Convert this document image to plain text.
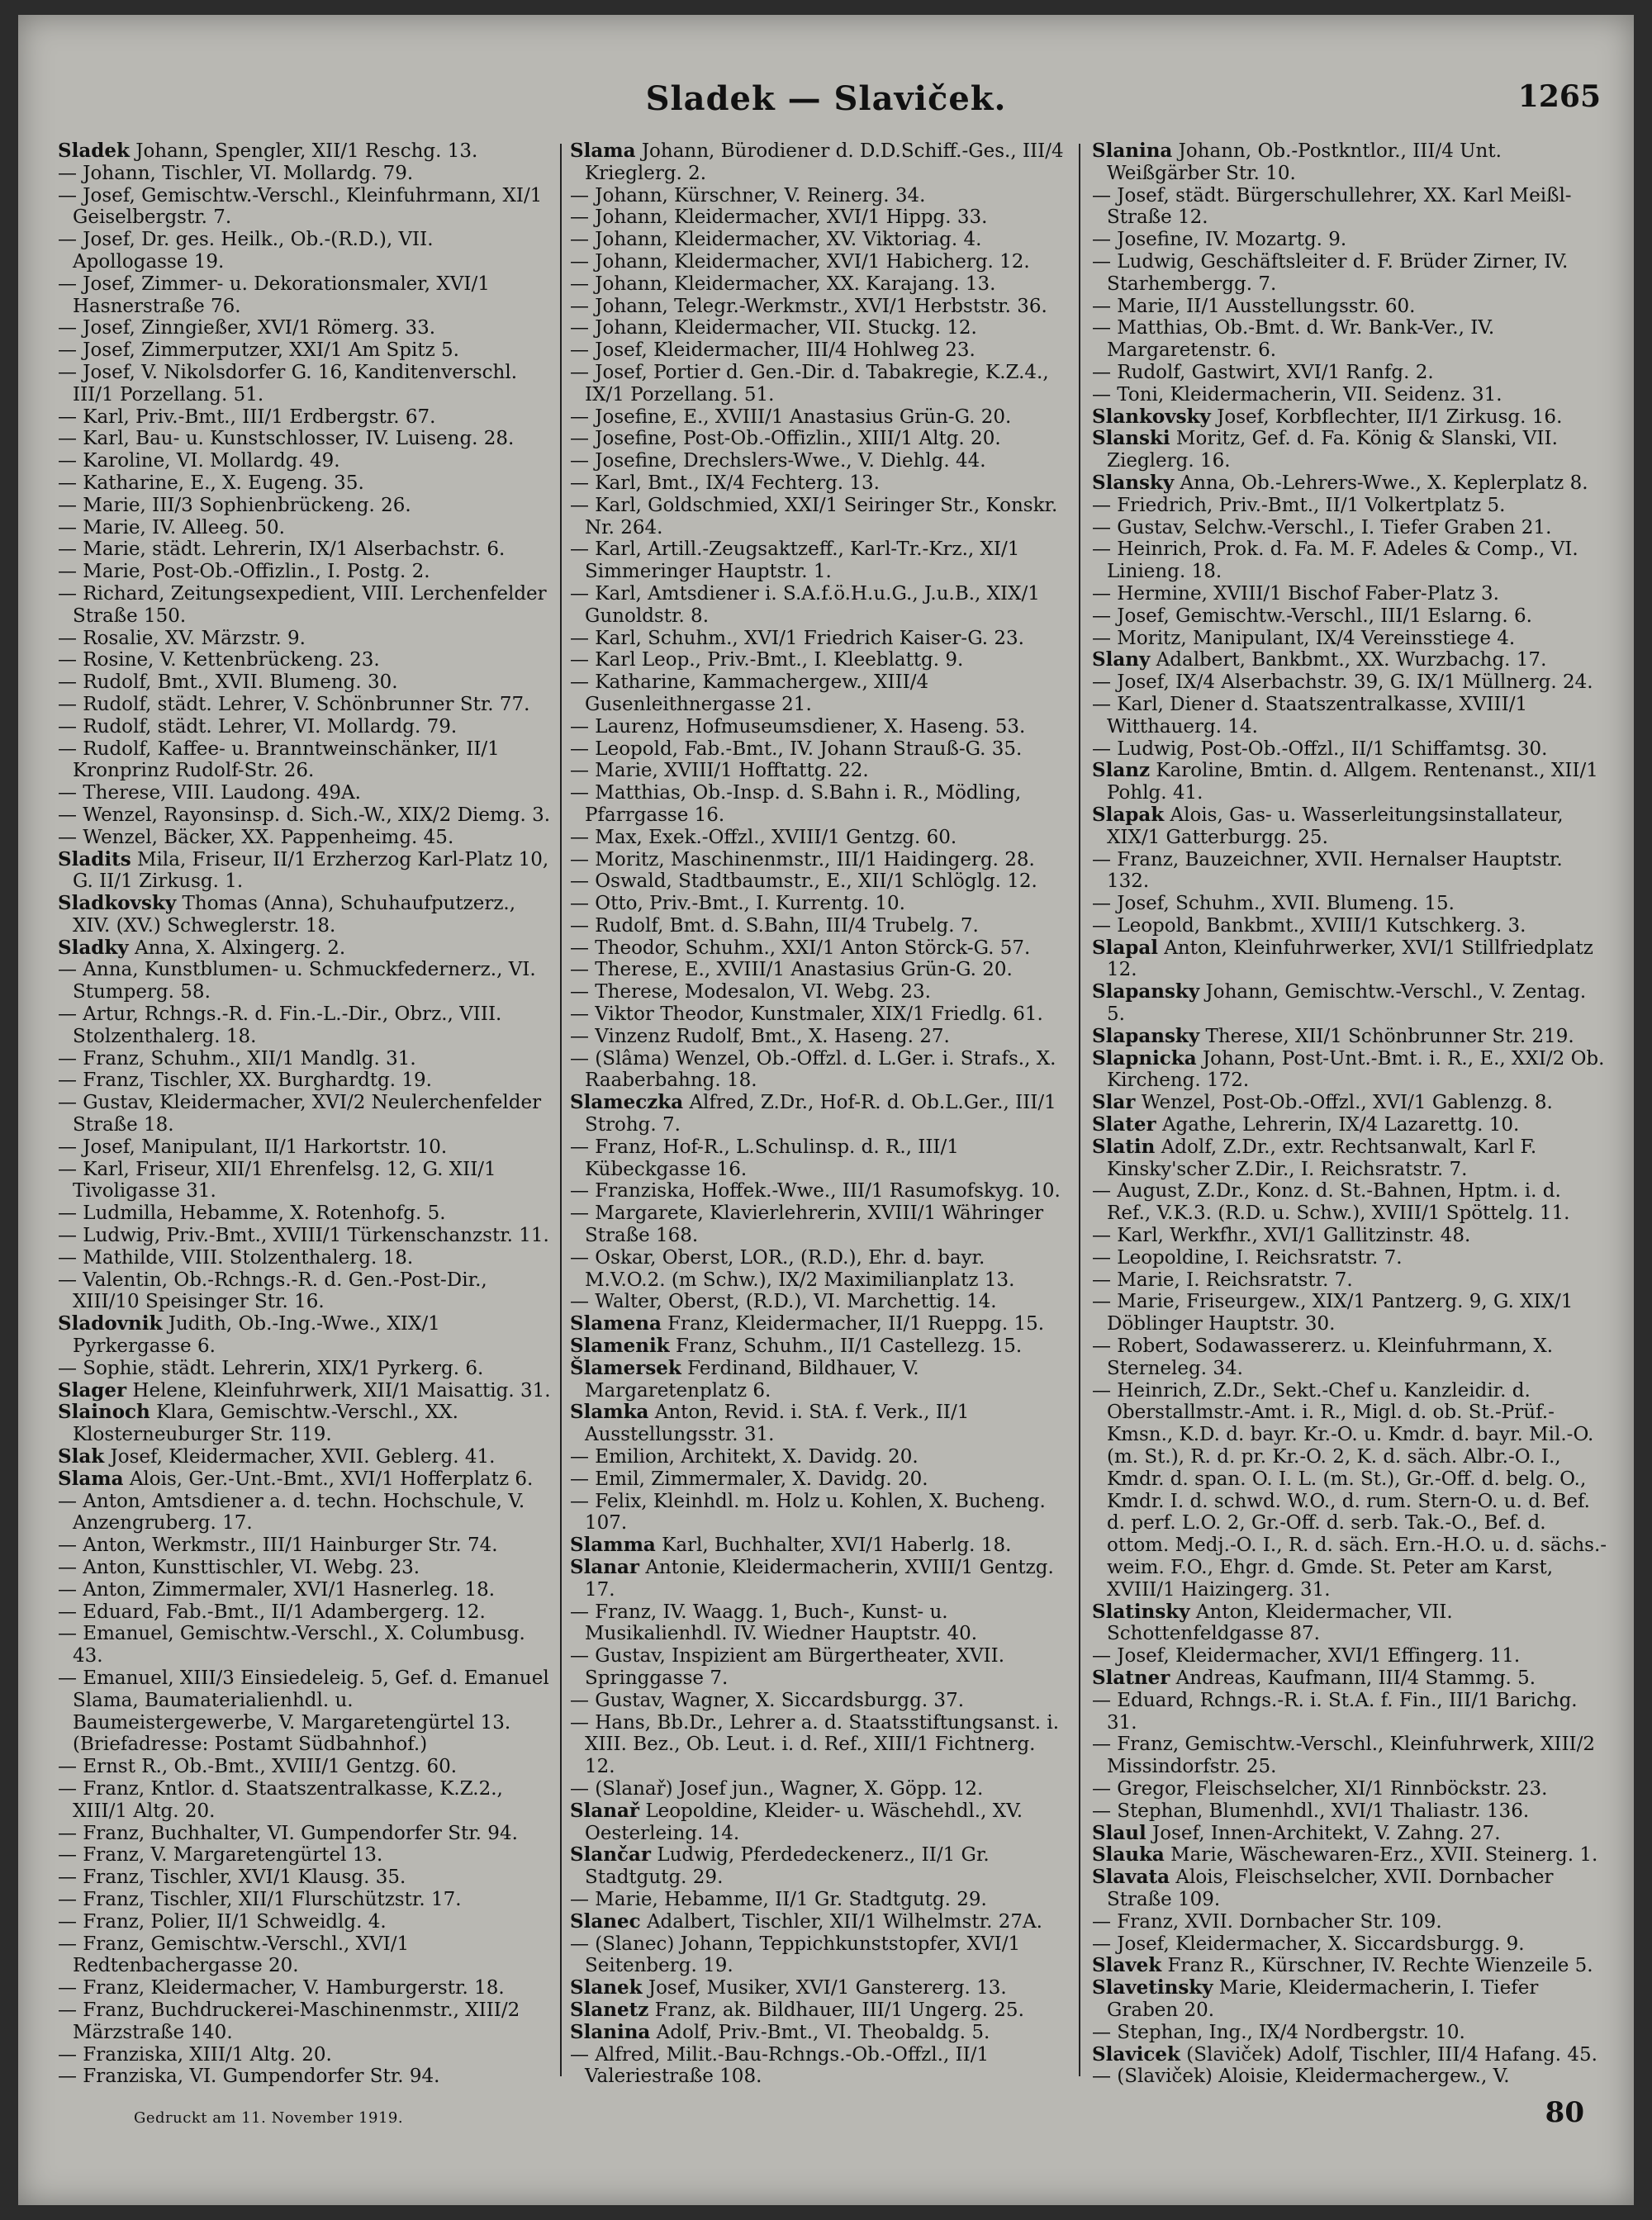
Sladek — Slaviček.	1265

Sladek Johann, Spengler, XII/1 Reschg. 13.

— Johann, Tischler, VI. Mollardg. 79.

— Josef, Gemischtw.-Verschl., Kleinfuhrmann, XI/1 Geiselbergstr. 7.

— Josef, Dr. ges. Heilk., Ob.-(R.D.), VII. Apollogasse 19.

— Josef, Zimmer- u. Dekorationsmaler, XVI/1 Hasnerstraße 76.

— Josef, Zinngießer, XVI/1 Römerg. 33.

— Josef, Zimmerputzer, XXI/1 Am Spitz 5.

— Josef, V. Nikolsdorfer G. 16, Kanditenverschl. III/1 Porzellang. 51.

— Karl, Priv.-Bmt., III/1 Erdbergstr. 67.

— Karl, Bau- u. Kunstschlosser, IV. Luiseng. 28.

— Karoline, VI. Mollardg. 49.

— Katharine, E., X. Eugeng. 35.

— Marie, III/3 Sophienbrückeng. 26.

— Marie, IV. Alleeg. 50.

— Marie, städt. Lehrerin, IX/1 Alserbachstr. 6.

— Marie, Post-Ob.-Offizlin., I. Postg. 2.

— Richard, Zeitungsexpedient, VIII. Lerchenfelder Straße 150.

— Rosalie, XV. Märzstr. 9.

— Rosine, V. Kettenbrückeng. 23.

— Rudolf, Bmt., XVII. Blumeng. 30.

— Rudolf, städt. Lehrer, V. Schönbrunner Str. 77.

— Rudolf, städt. Lehrer, VI. Mollardg. 79.

— Rudolf, Kaffee- u. Branntweinschänker, II/1 Kronprinz Rudolf-Str. 26.

— Therese, VIII. Laudong. 49A.

— Wenzel, Rayonsinsp. d. Sich.-W., XIX/2 Diemg. 3.

— Wenzel, Bäcker, XX. Pappenheimg. 45.

Sladits Mila, Friseur, II/1 Erzherzog Karl-Platz 10, G. II/1 Zirkusg. 1.

Sladkovsky Thomas (Anna), Schuhaufputzerz., XIV. (XV.) Schweglerstr. 18.

Sladky Anna, X. Alxingerg. 2.

— Anna, Kunstblumen- u. Schmuckfedernerz., VI. Stumperg. 58.

— Artur, Rchngs.-R. d. Fin.-L.-Dir., Obrz., VIII. Stolzenthalerg. 18.

— Franz, Schuhm., XII/1 Mandlg. 31.

— Franz, Tischler, XX. Burghardtg. 19.

— Gustav, Kleidermacher, XVI/2 Neulerchenfelder Straße 18.

— Josef, Manipulant, II/1 Harkortstr. 10.

— Karl, Friseur, XII/1 Ehrenfelsg. 12, G. XII/1 Tivoligasse 31.

— Ludmilla, Hebamme, X. Rotenhofg. 5.

— Ludwig, Priv.-Bmt., XVIII/1 Türkenschanzstr. 11.

— Mathilde, VIII. Stolzenthalerg. 18.

— Valentin, Ob.-Rchngs.-R. d. Gen.-Post-Dir., XIII/10 Speisinger Str. 16.

Sladovnik Judith, Ob.-Ing.-Wwe., XIX/1 Pyrkergasse 6.

— Sophie, städt. Lehrerin, XIX/1 Pyrkerg. 6.

Slager Helene, Kleinfuhrwerk, XII/1 Maisattig. 31.

Slainoch Klara, Gemischtw.-Verschl., XX. Klosterneuburger Str. 119.

Slak Josef, Kleidermacher, XVII. Geblerg. 41.

Slama Alois, Ger.-Unt.-Bmt., XVI/1 Hofferplatz 6.

— Anton, Amtsdiener a. d. techn. Hochschule, V. Anzengruberg. 17.

— Anton, Werkmstr., III/1 Hainburger Str. 74.

— Anton, Kunsttischler, VI. Webg. 23.

— Anton, Zimmermaler, XVI/1 Hasnerleg. 18.

— Eduard, Fab.-Bmt., II/1 Adambergerg. 12.

— Emanuel, Gemischtw.-Verschl., X. Columbusg. 43.

— Emanuel, XIII/3 Einsiedeleig. 5, Gef. d. Emanuel Slama, Baumaterialienhdl. u. Baumeistergewerbe, V. Margaretengürtel 13. (Briefadresse: Postamt Südbahnhof.)

— Ernst R., Ob.-Bmt., XVIII/1 Gentzg. 60.

— Franz, Kntlor. d. Staatszentralkasse, K.Z.2., XIII/1 Altg. 20.

— Franz, Buchhalter, VI. Gumpendorfer Str. 94.

— Franz, V. Margaretengürtel 13.

— Franz, Tischler, XVI/1 Klausg. 35.

— Franz, Tischler, XII/1 Flurschützstr. 17.

— Franz, Polier, II/1 Schweidlg. 4.

— Franz, Gemischtw.-Verschl., XVI/1 Redtenbachergasse 20.

— Franz, Kleidermacher, V. Hamburgerstr. 18.

— Franz, Buchdruckerei-Maschinenmstr., XIII/2 Märzstraße 140.

— Franziska, XIII/1 Altg. 20.

— Franziska, VI. Gumpendorfer Str. 94.

Slama Johann, Bürodiener d. D.D.Schiff.-Ges., III/4 Krieglerg. 2.

— Johann, Kürschner, V. Reinerg. 34.

— Johann, Kleidermacher, XVI/1 Hippg. 33.

— Johann, Kleidermacher, XV. Viktoriag. 4.

— Johann, Kleidermacher, XVI/1 Habicherg. 12.

— Johann, Kleidermacher, XX. Karajang. 13.

— Johann, Telegr.-Werkmstr., XVI/1 Herbststr. 36.

— Johann, Kleidermacher, VII. Stuckg. 12.

— Josef, Kleidermacher, III/4 Hohlweg 23.

— Josef, Portier d. Gen.-Dir. d. Tabakregie, K.Z.4., IX/1 Porzellang. 51.

— Josefine, E., XVIII/1 Anastasius Grün-G. 20.

— Josefine, Post-Ob.-Offizlin., XIII/1 Altg. 20.

— Josefine, Drechslers-Wwe., V. Diehlg. 44.

— Karl, Bmt., IX/4 Fechterg. 13.

— Karl, Goldschmied, XXI/1 Seiringer Str., Konskr. Nr. 264.

— Karl, Artill.-Zeugsaktzeff., Karl-Tr.-Krz., XI/1 Simmeringer Hauptstr. 1.

— Karl, Amtsdiener i. S.A.f.ö.H.u.G., J.u.B., XIX/1 Gunoldstr. 8.

— Karl, Schuhm., XVI/1 Friedrich Kaiser-G. 23.

— Karl Leop., Priv.-Bmt., I. Kleeblattg. 9.

— Katharine, Kammachergew., XIII/4 Gusenleithnergasse 21.

— Laurenz, Hofmuseumsdiener, X. Haseng. 53.

— Leopold, Fab.-Bmt., IV. Johann Strauß-G. 35.

— Marie, XVIII/1 Hofftattg. 22.

— Matthias, Ob.-Insp. d. S.Bahn i. R., Mödling, Pfarrgasse 16.

— Max, Exek.-Offzl., XVIII/1 Gentzg. 60.

— Moritz, Maschinenmstr., III/1 Haidingerg. 28.

— Oswald, Stadtbaumstr., E., XII/1 Schlöglg. 12.

— Otto, Priv.-Bmt., I. Kurrentg. 10.

— Rudolf, Bmt. d. S.Bahn, III/4 Trubelg. 7.

— Theodor, Schuhm., XXI/1 Anton Störck-G. 57.

— Therese, E., XVIII/1 Anastasius Grün-G. 20.

— Therese, Modesalon, VI. Webg. 23.

— Viktor Theodor, Kunstmaler, XIX/1 Friedlg. 61.

— Vinzenz Rudolf, Bmt., X. Haseng. 27.

— (Slâma) Wenzel, Ob.-Offzl. d. L.Ger. i. Strafs., X. Raaberbahng. 18.

Slameczka Alfred, Z.Dr., Hof-R. d. Ob.L.Ger., III/1 Strohg. 7.

— Franz, Hof-R., L.Schulinsp. d. R., III/1 Kübeckgasse 16.

— Franziska, Hoffek.-Wwe., III/1 Rasumofskyg. 10.

— Margarete, Klavierlehrerin, XVIII/1 Währinger Straße 168.

— Oskar, Oberst, LOR., (R.D.), Ehr. d. bayr. M.V.O.2. (m Schw.), IX/2 Maximilianplatz 13.

— Walter, Oberst, (R.D.), VI. Marchettig. 14.

Slamena Franz, Kleidermacher, II/1 Rueppg. 15.

Slamenik Franz, Schuhm., II/1 Castellezg. 15.

Šlamersek Ferdinand, Bildhauer, V. Margaretenplatz 6.

Slamka Anton, Revid. i. StA. f. Verk., II/1 Ausstellungsstr. 31.

— Emilion, Architekt, X. Davidg. 20.

— Emil, Zimmermaler, X. Davidg. 20.

— Felix, Kleinhdl. m. Holz u. Kohlen, X. Bucheng. 107.

Slamma Karl, Buchhalter, XVI/1 Haberlg. 18.

Slanar Antonie, Kleidermacherin, XVIII/1 Gentzg. 17.

— Franz, IV. Waagg. 1, Buch-, Kunst- u. Musikalienhdl. IV. Wiedner Hauptstr. 40.

— Gustav, Inspizient am Bürgertheater, XVII. Springgasse 7.

— Gustav, Wagner, X. Siccardsburgg. 37.

— Hans, Bb.Dr., Lehrer a. d. Staatsstiftungsanst. i. XIII. Bez., Ob. Leut. i. d. Ref., XIII/1 Fichtnerg. 12.

— (Slanař) Josef jun., Wagner, X. Göpp. 12.

Slanař Leopoldine, Kleider- u. Wäschehdl., XV. Oesterleing. 14.

Slančar Ludwig, Pferdedeckenerz., II/1 Gr. Stadtgutg. 29.

— Marie, Hebamme, II/1 Gr. Stadtgutg. 29.

Slanec Adalbert, Tischler, XII/1 Wilhelmstr. 27A.

— (Slanec) Johann, Teppichkunststopfer, XVI/1 Seitenberg. 19.

Slanek Josef, Musiker, XVI/1 Ganstererg. 13.

Slanetz Franz, ak. Bildhauer, III/1 Ungerg. 25.

Slanina Adolf, Priv.-Bmt., VI. Theobaldg. 5.

— Alfred, Milit.-Bau-Rchngs.-Ob.-Offzl., II/1 Valeriestraße 108.

Slanina Johann, Ob.-Postkntlor., III/4 Unt. Weißgärber Str. 10.

— Josef, städt. Bürgerschullehrer, XX. Karl Meißl-Straße 12.

— Josefine, IV. Mozartg. 9.

— Ludwig, Geschäftsleiter d. F. Brüder Zirner, IV. Starhembergg. 7.

— Marie, II/1 Ausstellungsstr. 60.

— Matthias, Ob.-Bmt. d. Wr. Bank-Ver., IV. Margaretenstr. 6.

— Rudolf, Gastwirt, XVI/1 Ranfg. 2.

— Toni, Kleidermacherin, VII. Seidenz. 31.

Slankovsky Josef, Korbflechter, II/1 Zirkusg. 16.

Slanski Moritz, Gef. d. Fa. König & Slanski, VII. Zieglerg. 16.

Slansky Anna, Ob.-Lehrers-Wwe., X. Keplerplatz 8.

— Friedrich, Priv.-Bmt., II/1 Volkertplatz 5.

— Gustav, Selchw.-Verschl., I. Tiefer Graben 21.

— Heinrich, Prok. d. Fa. M. F. Adeles & Comp., VI. Linieng. 18.

— Hermine, XVIII/1 Bischof Faber-Platz 3.

— Josef, Gemischtw.-Verschl., III/1 Eslarng. 6.

— Moritz, Manipulant, IX/4 Vereinsstiege 4.

Slany Adalbert, Bankbmt., XX. Wurzbachg. 17.

— Josef, IX/4 Alserbachstr. 39, G. IX/1 Müllnerg. 24.

— Karl, Diener d. Staatszentralkasse, XVIII/1 Witthauerg. 14.

— Ludwig, Post-Ob.-Offzl., II/1 Schiffamtsg. 30.

Slanz Karoline, Bmtin. d. Allgem. Rentenanst., XII/1 Pohlg. 41.

Slapak Alois, Gas- u. Wasserleitungsinstallateur, XIX/1 Gatterburgg. 25.

— Franz, Bauzeichner, XVII. Hernalser Hauptstr. 132.

— Josef, Schuhm., XVII. Blumeng. 15.

— Leopold, Bankbmt., XVIII/1 Kutschkerg. 3.

Slapal Anton, Kleinfuhrwerker, XVI/1 Stillfriedplatz 12.

Slapansky Johann, Gemischtw.-Verschl., V. Zentag. 5.

Slapansky Therese, XII/1 Schönbrunner Str. 219.

Slapnicka Johann, Post-Unt.-Bmt. i. R., E., XXI/2 Ob. Kircheng. 172.

Slar Wenzel, Post-Ob.-Offzl., XVI/1 Gablenzg. 8.

Slater Agathe, Lehrerin, IX/4 Lazarettg. 10.

Slatin Adolf, Z.Dr., extr. Rechtsanwalt, Karl F. Kinsky'scher Z.Dir., I. Reichsratstr. 7.

— August, Z.Dr., Konz. d. St.-Bahnen, Hptm. i. d. Ref., V.K.3. (R.D. u. Schw.), XVIII/1 Spöttelg. 11.

— Karl, Werkfhr., XVI/1 Gallitzinstr. 48.

— Leopoldine, I. Reichsratstr. 7.

— Marie, I. Reichsratstr. 7.

— Marie, Friseurgew., XIX/1 Pantzerg. 9, G. XIX/1 Döblinger Hauptstr. 30.

— Robert, Sodawassererz. u. Kleinfuhrmann, X. Sterneleg. 34.

— Heinrich, Z.Dr., Sekt.-Chef u. Kanzleidir. d. Oberstallmstr.-Amt. i. R., Migl. d. ob. St.-Prüf.-Kmsn., K.D. d. bayr. Kr.-O. u. Kmdr. d. bayr. Mil.-O. (m. St.), R. d. pr. Kr.-O. 2, K. d. säch. Albr.-O. I., Kmdr. d. span. O. I. L. (m. St.), Gr.-Off. d. belg. O., Kmdr. I. d. schwd. W.O., d. rum. Stern-O. u. d. Bef. d. perf. L.O. 2, Gr.-Off. d. serb. Tak.-O., Bef. d. ottom. Medj.-O. I., R. d. säch. Ern.-H.O. u. d. sächs.-weim. F.O., Ehgr. d. Gmde. St. Peter am Karst, XVIII/1 Haizingerg. 31.

Slatinsky Anton, Kleidermacher, VII. Schottenfeldgasse 87.

— Josef, Kleidermacher, XVI/1 Effingerg. 11.

Slatner Andreas, Kaufmann, III/4 Stammg. 5.

— Eduard, Rchngs.-R. i. St.A. f. Fin., III/1 Barichg. 31.

— Franz, Gemischtw.-Verschl., Kleinfuhrwerk, XIII/2 Missindorfstr. 25.

— Gregor, Fleischselcher, XI/1 Rinnböckstr. 23.

— Stephan, Blumenhdl., XVI/1 Thaliastr. 136.

Slaul Josef, Innen-Architekt, V. Zahng. 27.

Slauka Marie, Wäschewaren-Erz., XVII. Steinerg. 1.

Slavata Alois, Fleischselcher, XVII. Dornbacher Straße 109.

— Franz, XVII. Dornbacher Str. 109.

— Josef, Kleidermacher, X. Siccardsburgg. 9.

Slavek Franz R., Kürschner, IV. Rechte Wienzeile 5.

Slavetinsky Marie, Kleidermacherin, I. Tiefer Graben 20.

— Stephan, Ing., IX/4 Nordbergstr. 10.

Slavicek (Slaviček) Adolf, Tischler, III/4 Hafang. 45.

— (Slaviček) Aloisie, Kleidermachergew., V.

Gedruckt am 11. November 1919.	80
